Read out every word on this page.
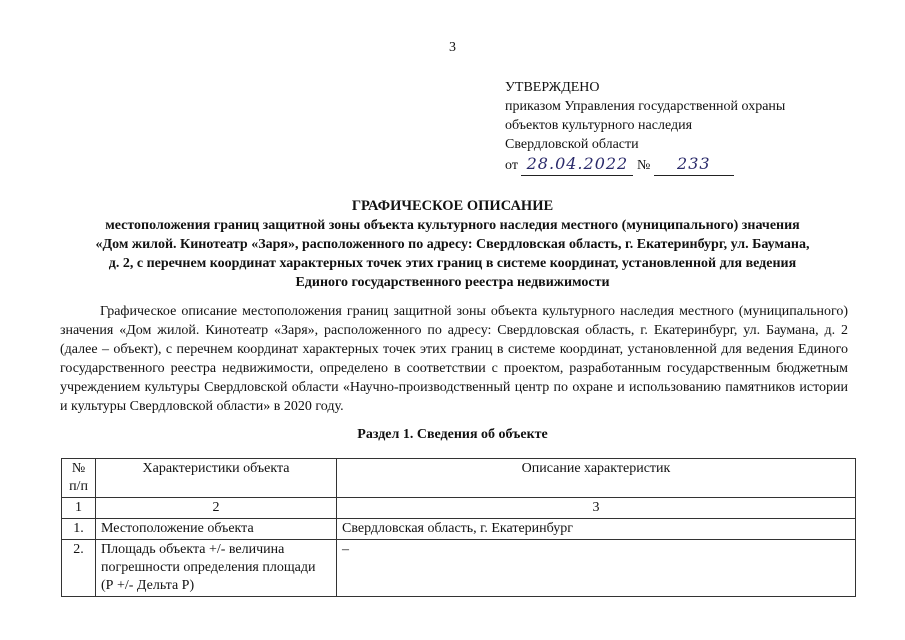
3
УТВЕРЖДЕНО
приказом Управления государственной охраны
объектов культурного наследия
Свердловской области
от 28.04.2022 № 233
ГРАФИЧЕСКОЕ ОПИСАНИЕ
местоположения границ защитной зоны объекта культурного наследия местного (муниципального) значения
«Дом жилой. Кинотеатр «Заря», расположенного по адресу: Свердловская область, г. Екатеринбург, ул. Баумана,
д. 2, с перечнем координат характерных точек этих границ в системе координат, установленной для ведения
Единого государственного реестра недвижимости
Графическое описание местоположения границ защитной зоны объекта культурного наследия местного (муниципального) значения «Дом жилой. Кинотеатр «Заря», расположенного по адресу: Свердловская область, г. Екатеринбург, ул. Баумана, д. 2 (далее – объект), с перечнем координат характерных точек этих границ в системе координат, установленной для ведения Единого государственного реестра недвижимости, определено в соответствии с проектом, разработанным государственным бюджетным учреждением культуры Свердловской области «Научно-производственный центр по охране и использованию памятников истории и культуры Свердловской области» в 2020 году.
Раздел 1. Сведения об объекте
№ п/п	Характеристики объекта	Описание характеристик
1	2	3
1.	Местоположение объекта	Свердловская область, г. Екатеринбург
2.	Площадь объекта +/- величина погрешности определения площади (Р +/- Дельта Р)	–
